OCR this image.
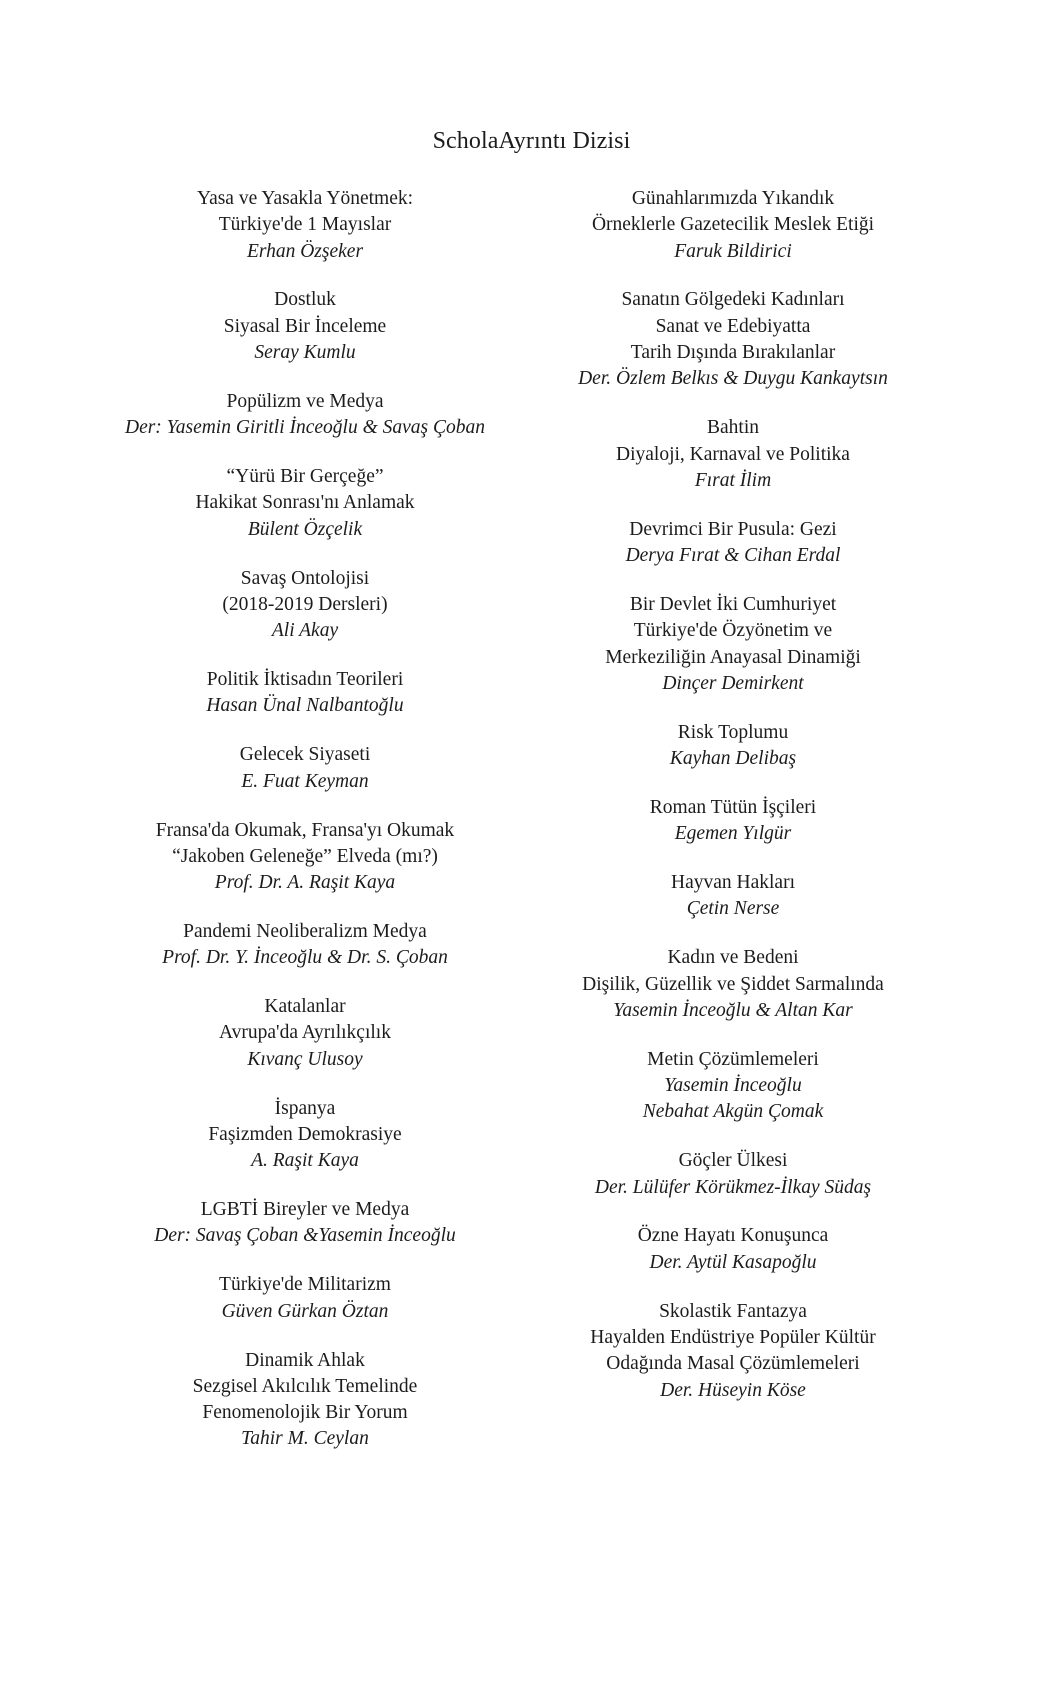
ScholaAyrıntı Dizisi
Yasa ve Yasakla Yönetmek:
Türkiye'de 1 Mayıslar
Erhan Özşeker
Dostluk
Siyasal Bir İnceleme
Seray Kumlu
Popülizm ve Medya
Der: Yasemin Giritli İnceoğlu & Savaş Çoban
“Yürü Bir Gerçeğe”
Hakikat Sonrası'nı Anlamak
Bülent Özçelik
Savaş Ontolojisi
(2018-2019 Dersleri)
Ali Akay
Politik İktisadın Teorileri
Hasan Ünal Nalbantoğlu
Gelecek Siyaseti
E. Fuat Keyman
Fransa'da Okumak, Fransa'yı Okumak
“Jakoben Geleneğe” Elveda (mı?)
Prof. Dr. A. Raşit Kaya
Pandemi Neoliberalizm Medya
Prof. Dr. Y. İnceoğlu & Dr. S. Çoban
Katalanlar
Avrupa'da Ayrılıkçılık
Kıvanç Ulusoy
İspanya
Faşizmden Demokrasiye
A. Raşit Kaya
LGBTİ Bireyler ve Medya
Der: Savaş Çoban &Yasemin İnceoğlu
Türkiye'de Militarizm
Güven Gürkan Öztan
Dinamik Ahlak
Sezgisel Akılcılık Temelinde
Fenomenolojik Bir Yorum
Tahir M. Ceylan
Günahlarımızda Yıkandık
Örneklerle Gazetecilik Meslek Etiği
Faruk Bildirici
Sanatın Gölgedeki Kadınları
Sanat ve Edebiyatta
Tarih Dışında Bırakılanlar
Der. Özlem Belkıs & Duygu Kankaytsın
Bahtin
Diyaloji, Karnaval ve Politika
Fırat İlim
Devrimci Bir Pusula: Gezi
Derya Fırat & Cihan Erdal
Bir Devlet İki Cumhuriyet
Türkiye'de Özyönetim ve
Merkeziliğin Anayasal Dinamiği
Dinçer Demirkent
Risk Toplumu
Kayhan Delibaş
Roman Tütün İşçileri
Egemen Yılgür
Hayvan Hakları
Çetin Nerse
Kadın ve Bedeni
Dişilik, Güzellik ve Şiddet Sarmalında
Yasemin İnceoğlu & Altan Kar
Metin Çözümlemeleri
Yasemin İnceoğlu
Nebahat Akgün Çomak
Göçler Ülkesi
Der. Lülüfer Körükmez-İlkay Südaş
Özne Hayatı Konuşunca
Der. Aytül Kasapoğlu
Skolastik Fantazya
Hayalden Endüstriye Popüler Kültür
Odağında Masal Çözümlemeleri
Der. Hüseyin Köse
